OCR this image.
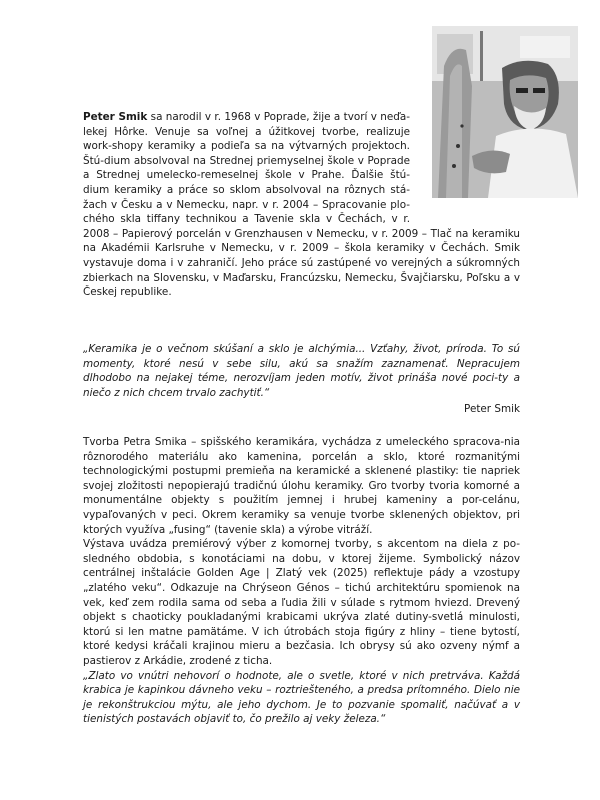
Peter Smik sa narodil v r. 1968 v Poprade, žije a tvorí v neďa-lekej Hôrke. Venuje sa voľnej a úžitkovej tvorbe, realizuje work-shopy keramiky a podieľa sa na výtvarných projektoch. Štú-dium absolvoval na Strednej priemyselnej škole v Poprade a Strednej umelecko-remeselnej škole v Prahe. Ďalšie štú-dium keramiky a práce so sklom absolvoval na rôznych stá-žach v Česku a v Nemecku, napr. v r. 2004 – Spracovanie plo-chého skla tiffany technikou a Tavenie skla v Čechách, v r. 2008 – Papierový porcelán v Grenzhausen v Nemecku, v r. 2009 – Tlač na keramiku na Akadémii Karlsruhe v Nemecku, v r. 2009 – škola keramiky v Čechách. Smik vystavuje doma i v zahraničí. Jeho práce sú zastúpené vo verejných a súkromných zbierkach na Slovensku, v Maďarsku, Francúzsku, Nemecku, Švajčiarsku, Poľsku a v Českej republike.

„Keramika je o večnom skúšaní a sklo je alchýmia... Vzťahy, život, príroda. To sú momenty, ktoré nesú v sebe silu, akú sa snažím zaznamenať. Nepracujem dlhodobo na nejakej téme, nerozvíjam jeden motív, život prináša nové poci-ty a niečo z nich chcem trvalo zachytiť.“

Peter Smik

Tvorba Petra Smika – spišského keramikára, vychádza z umeleckého spracova-nia rôznorodého materiálu ako kamenina, porcelán a sklo, ktoré rozmanitými technologickými postupmi premieňa na keramické a sklenené plastiky: tie napriek svojej zložitosti nepopierajú tradičnú úlohu keramiky. Gro tvorby tvoria komorné a monumentálne objekty s použitím jemnej i hrubej kameniny a por-celánu, vypaľovaných v peci. Okrem keramiky sa venuje tvorbe sklenených objektov, pri ktorých využíva „fusing“ (tavenie skla) a výrobe vitráží.

Výstava uvádza premiérový výber z komornej tvorby, s akcentom na diela z po-sledného obdobia, s konotáciami na dobu, v ktorej žijeme. Symbolický názov centrálnej inštalácie Golden Age | Zlatý vek (2025) reflektuje pády a vzostupy „zlatého veku“. Odkazuje na Chrýseon Génos – tichú architektúru spomienok na vek, keď zem rodila sama od seba a ľudia žili v súlade s rytmom hviezd. Drevený objekt s chaoticky poukladanými krabicami ukrýva zlaté dutiny-svetlá minulosti, ktorú si len matne pamätáme. V ich útrobách stoja figúry z hliny – tiene bytostí, ktoré kedysi kráčali krajinou mieru a bezčasia. Ich obrysy sú ako ozveny nýmf a pastierov z Arkádie, zrodené z ticha.

„Zlato vo vnútri nehovorí o hodnote, ale o svetle, ktoré v nich pretrváva. Každá krabica je kapinkou dávneho veku – roztriešteného, a predsa prítomného. Dielo nie je rekonštrukciou mýtu, ale jeho dychom. Je to pozvanie spomaliť, načúvať a v tienistých postavách objaviť to, čo prežilo aj veky železa.“
